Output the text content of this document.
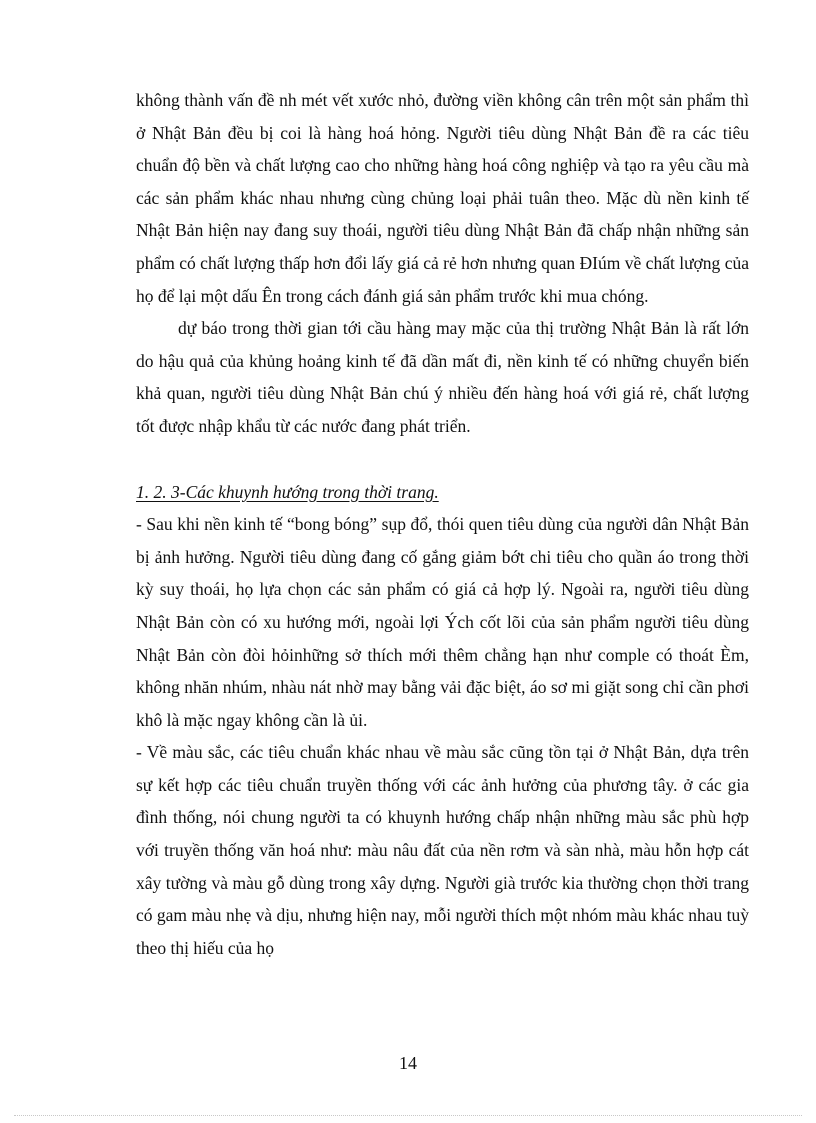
không thành vấn đề nh mét vết xước nhỏ, đường viền không cân trên một sản phẩm thì ở Nhật Bản đều bị coi là hàng hoá hỏng. Người tiêu dùng Nhật Bản đề ra các tiêu chuẩn độ bền và chất lượng cao cho những hàng hoá công nghiệp và tạo ra yêu cầu mà các sản phẩm khác nhau nhưng cùng chủng loại phải tuân theo. Mặc dù nền kinh tế Nhật Bản hiện nay đang suy thoái, người tiêu dùng Nhật Bản đã chấp nhận những sản phẩm có chất lượng thấp hơn đổi lấy giá cả rẻ hơn nhưng quan ĐIúm về chất lượng của họ để lại một dấu Ên trong cách đánh giá sản phẩm trước khi mua chóng.

dự báo trong thời gian tới cầu hàng may mặc của thị trường Nhật Bản là rất lớn do hậu quả của khủng hoảng kinh tế đã dần mất đi, nền kinh tế có những chuyển biến khả quan, người tiêu dùng Nhật Bản chú ý nhiều đến hàng hoá với giá rẻ, chất lượng tốt được nhập khẩu từ các nước đang phát triển.

1. 2. 3-Các khuynh hướng trong thời trang.

- Sau khi nền kinh tế “bong bóng” sụp đổ, thói quen tiêu dùng của người dân Nhật Bản bị ảnh hưởng. Người tiêu dùng đang cố gắng giảm bớt chi tiêu cho quần áo trong thời kỳ suy thoái, họ lựa chọn các sản phẩm có giá cả hợp lý. Ngoài ra, người tiêu dùng Nhật Bản còn có xu hướng mới, ngoài lợi Ých cốt lõi của sản phẩm người tiêu dùng Nhật Bản còn đòi hỏinhững sở thích mới thêm chẳng hạn như comple có thoát Èm, không nhăn nhúm, nhàu nát nhờ may bằng vải đặc biệt, áo sơ mi giặt song chỉ cần phơi khô là mặc ngay không cần là ủi.

- Về màu sắc, các tiêu chuẩn khác nhau về màu sắc cũng tồn tại ở Nhật Bản, dựa trên sự kết hợp các tiêu chuẩn truyền thống với các ảnh hưởng của phương tây. ở các gia đình thống, nói chung người ta có khuynh hướng chấp nhận những màu sắc phù hợp với truyền thống văn hoá như: màu nâu đất của nền rơm và sàn nhà, màu hỗn hợp cát xây tường và màu gỗ dùng trong xây dựng. Người già trước kia thường chọn thời trang có gam màu nhẹ và dịu, nhưng hiện nay, mỗi người thích một nhóm màu khác nhau tuỳ theo thị hiếu của họ

14
